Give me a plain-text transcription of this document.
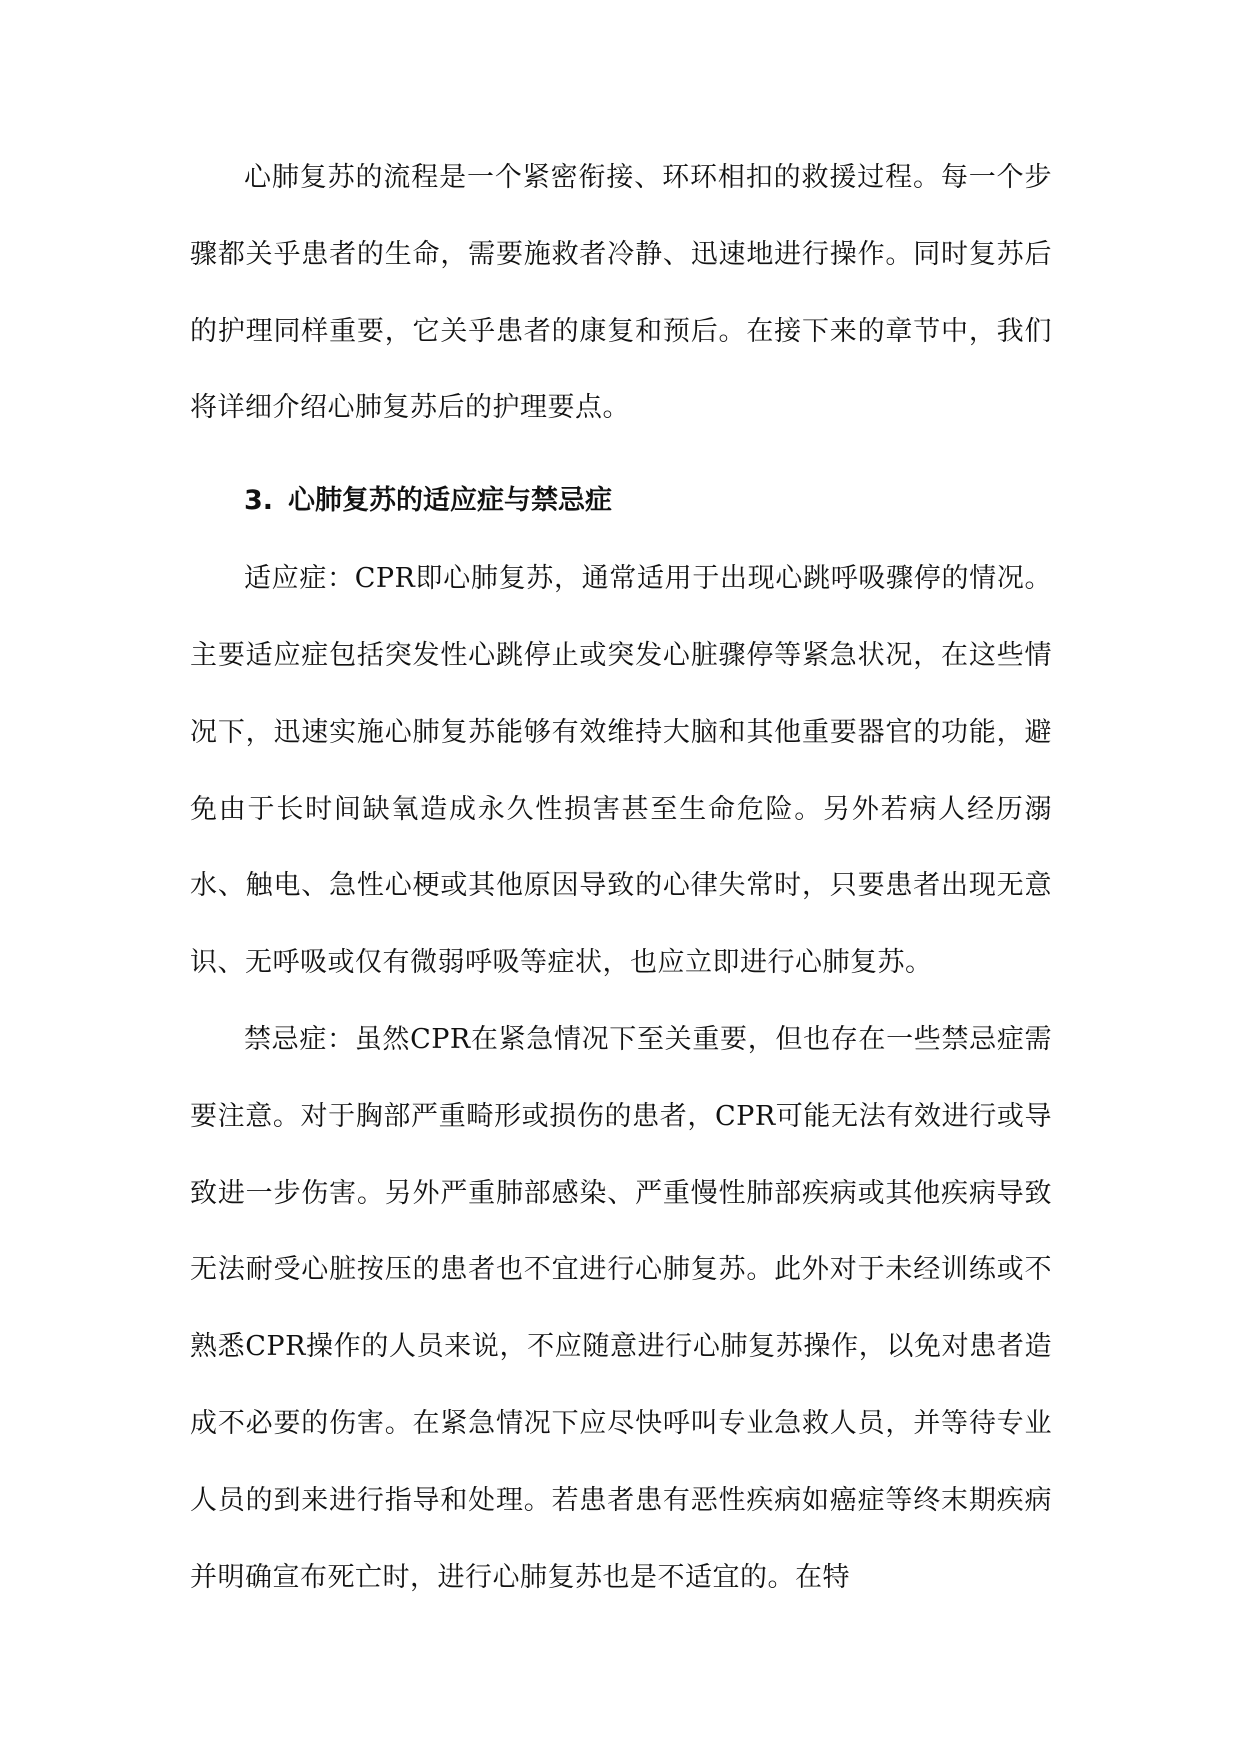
心肺复苏的流程是一个紧密衔接、环环相扣的救援过程。每一个步骤都关乎患者的生命，需要施救者冷静、迅速地进行操作。同时复苏后的护理同样重要，它关乎患者的康复和预后。在接下来的章节中，我们将详细介绍心肺复苏后的护理要点。

3. 心肺复苏的适应症与禁忌症

适应症：CPR即心肺复苏，通常适用于出现心跳呼吸骤停的情况。主要适应症包括突发性心跳停止或突发心脏骤停等紧急状况，在这些情况下，迅速实施心肺复苏能够有效维持大脑和其他重要器官的功能，避免由于长时间缺氧造成永久性损害甚至生命危险。另外若病人经历溺水、触电、急性心梗或其他原因导致的心律失常时，只要患者出现无意识、无呼吸或仅有微弱呼吸等症状，也应立即进行心肺复苏。

禁忌症：虽然CPR在紧急情况下至关重要，但也存在一些禁忌症需要注意。对于胸部严重畸形或损伤的患者，CPR可能无法有效进行或导致进一步伤害。另外严重肺部感染、严重慢性肺部疾病或其他疾病导致无法耐受心脏按压的患者也不宜进行心肺复苏。此外对于未经训练或不熟悉CPR操作的人员来说，不应随意进行心肺复苏操作，以免对患者造成不必要的伤害。在紧急情况下应尽快呼叫专业急救人员，并等待专业人员的到来进行指导和处理。若患者患有恶性疾病如癌症等终末期疾病并明确宣布死亡时，进行心肺复苏也是不适宜的。在特
